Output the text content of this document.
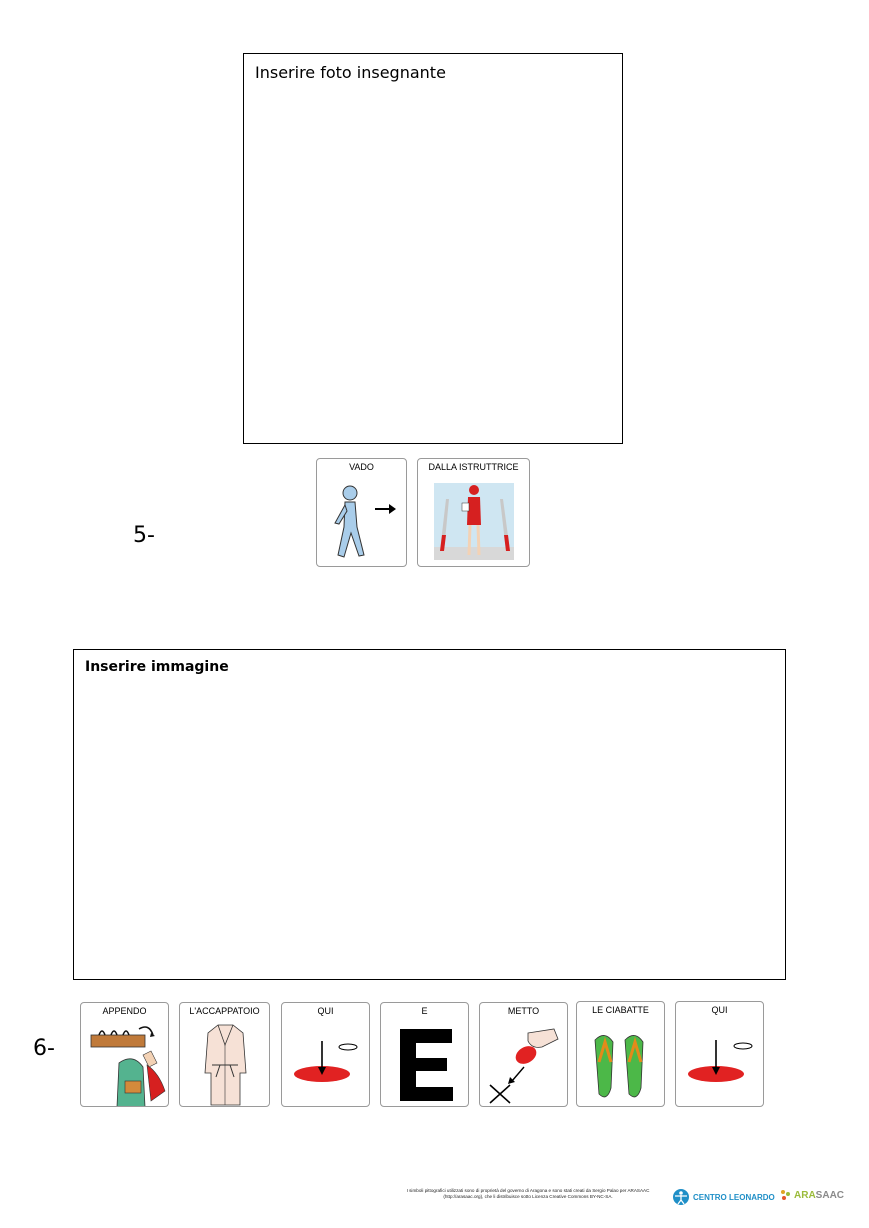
Inserire foto insegnante
5-
VADO	DALLA ISTRUTTRICE
Inserire immagine
6-
APPENDO	L'ACCAPPATOIO	QUI	E	METTO	LE CIABATTE	QUI
I simboli pittografici utilizzati sono di proprietà del governo di Aragona e sono stati creati da Sergio Palao per ARASAAC (http://arasaac.org), che li distribuisce sotto Licenza Creative Commons BY-NC-SA.	CENTRO LEONARDO ARA SAAC
